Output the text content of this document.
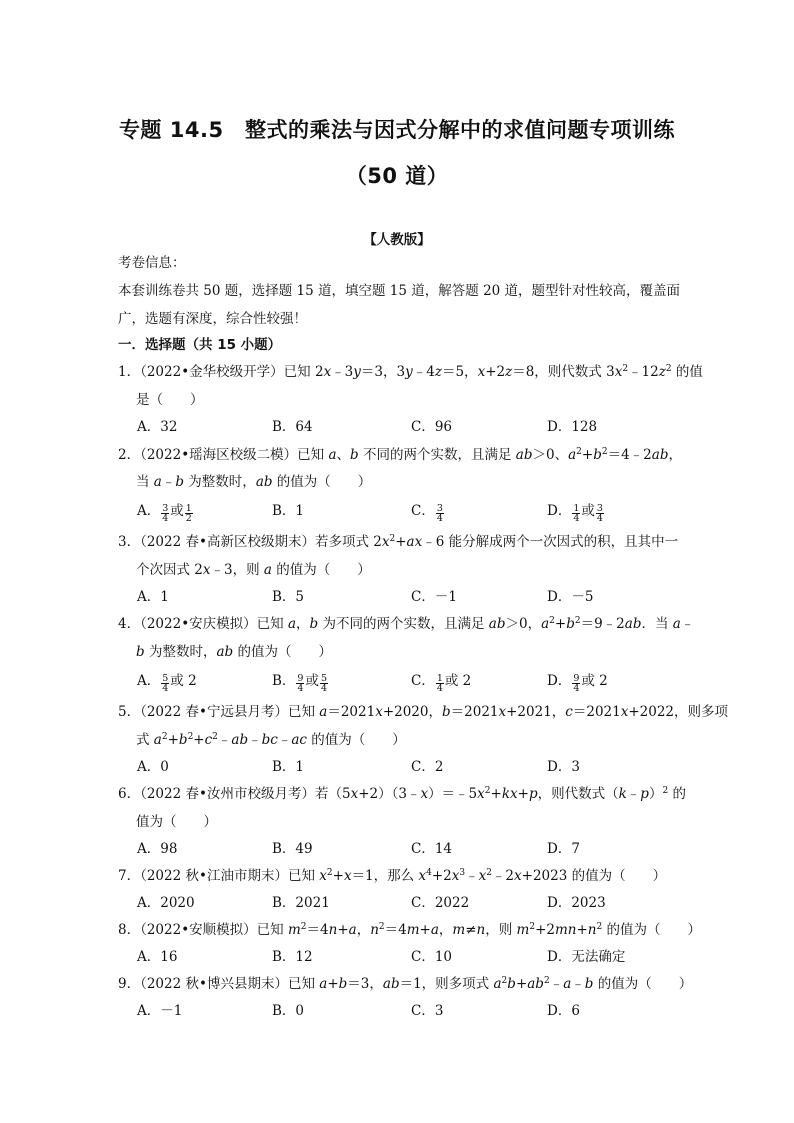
专题 14.5　整式的乘法与因式分解中的求值问题专项训练
（50 道）
【人教版】
考卷信息：
本套训练卷共 50 题，选择题 15 道，填空题 15 道，解答题 20 道，题型针对性较高，覆盖面
广，选题有深度，综合性较强！
一．选择题（共 15 小题）
1．（2022•金华校级开学）已知 2x﹣3y＝3，3y﹣4z＝5，x+2z＝8，则代数式 $3x^2﹣12z^2$ 的值
是（　　）
A．32	B．64	C．96	D．128
2．（2022•瑶海区校级二模）已知 a、b 不同的两个实数，且满足 ab＞0、$a^2+b^2=4﹣2ab$，
当 a﹣b 为整数时，ab 的值为（　　）
A． $\frac{3}{4}$ 或 $\frac{1}{2}$	B．1	C． $\frac{3}{4}$	D． $\frac{1}{4}$ 或 $\frac{3}{4}$
3．（2022 春•高新区校级期末）若多项式 $2x^2+ax﹣6$ 能分解成两个一次因式的积，且其中一
个次因式 2x﹣3，则 a 的值为（　　）
A．1	B．5	C．－1	D．－5
4．（2022•安庆模拟）已知 a，b 为不同的两个实数，且满足 ab＞0，$a^2+b^2=9﹣2ab$．当 a﹣
b 为整数时，ab 的值为（　　）
A． $\frac{5}{4}$ 或 2	B． $\frac{9}{4}$ 或 $\frac{5}{4}$	C． $\frac{1}{4}$ 或 2	D． $\frac{9}{4}$ 或 2
5．（2022 春•宁远县月考）已知 a＝2021x+2020，b＝2021x+2021，c＝2021x+2022，则多项
式 $a^2+b^2+c^2﹣ab﹣bc﹣ac$ 的值为（　　）
A．0	B．1	C．2	D．3
6．（2022 春•汝州市校级月考）若$(5x+2)(3﹣x)=﹣5x^2+kx+p$，则代数式（k﹣p）$^2$ 的
值为（　　）
A．98	B．49	C．14	D．7
7．（2022 秋•江油市期末）已知 $x^2+x=1$，那么 $x^4+2x^3﹣x^2﹣2x+2023$ 的值为（　　）
A．2020	B．2021	C．2022	D．2023
8．（2022•安顺模拟）已知 $m^2=4n+a$，$n^2=4m+a$，m≠n，则 $m^2+2mn+n^2$ 的值为（　　）
A．16	B．12	C．10	D．无法确定
9．（2022 秋•博兴县期末）已知 a+b＝3，ab＝1，则多项式 $a^2b+ab^2﹣a﹣b$ 的值为（　　）
A．－1	B．0	C．3	D．6
